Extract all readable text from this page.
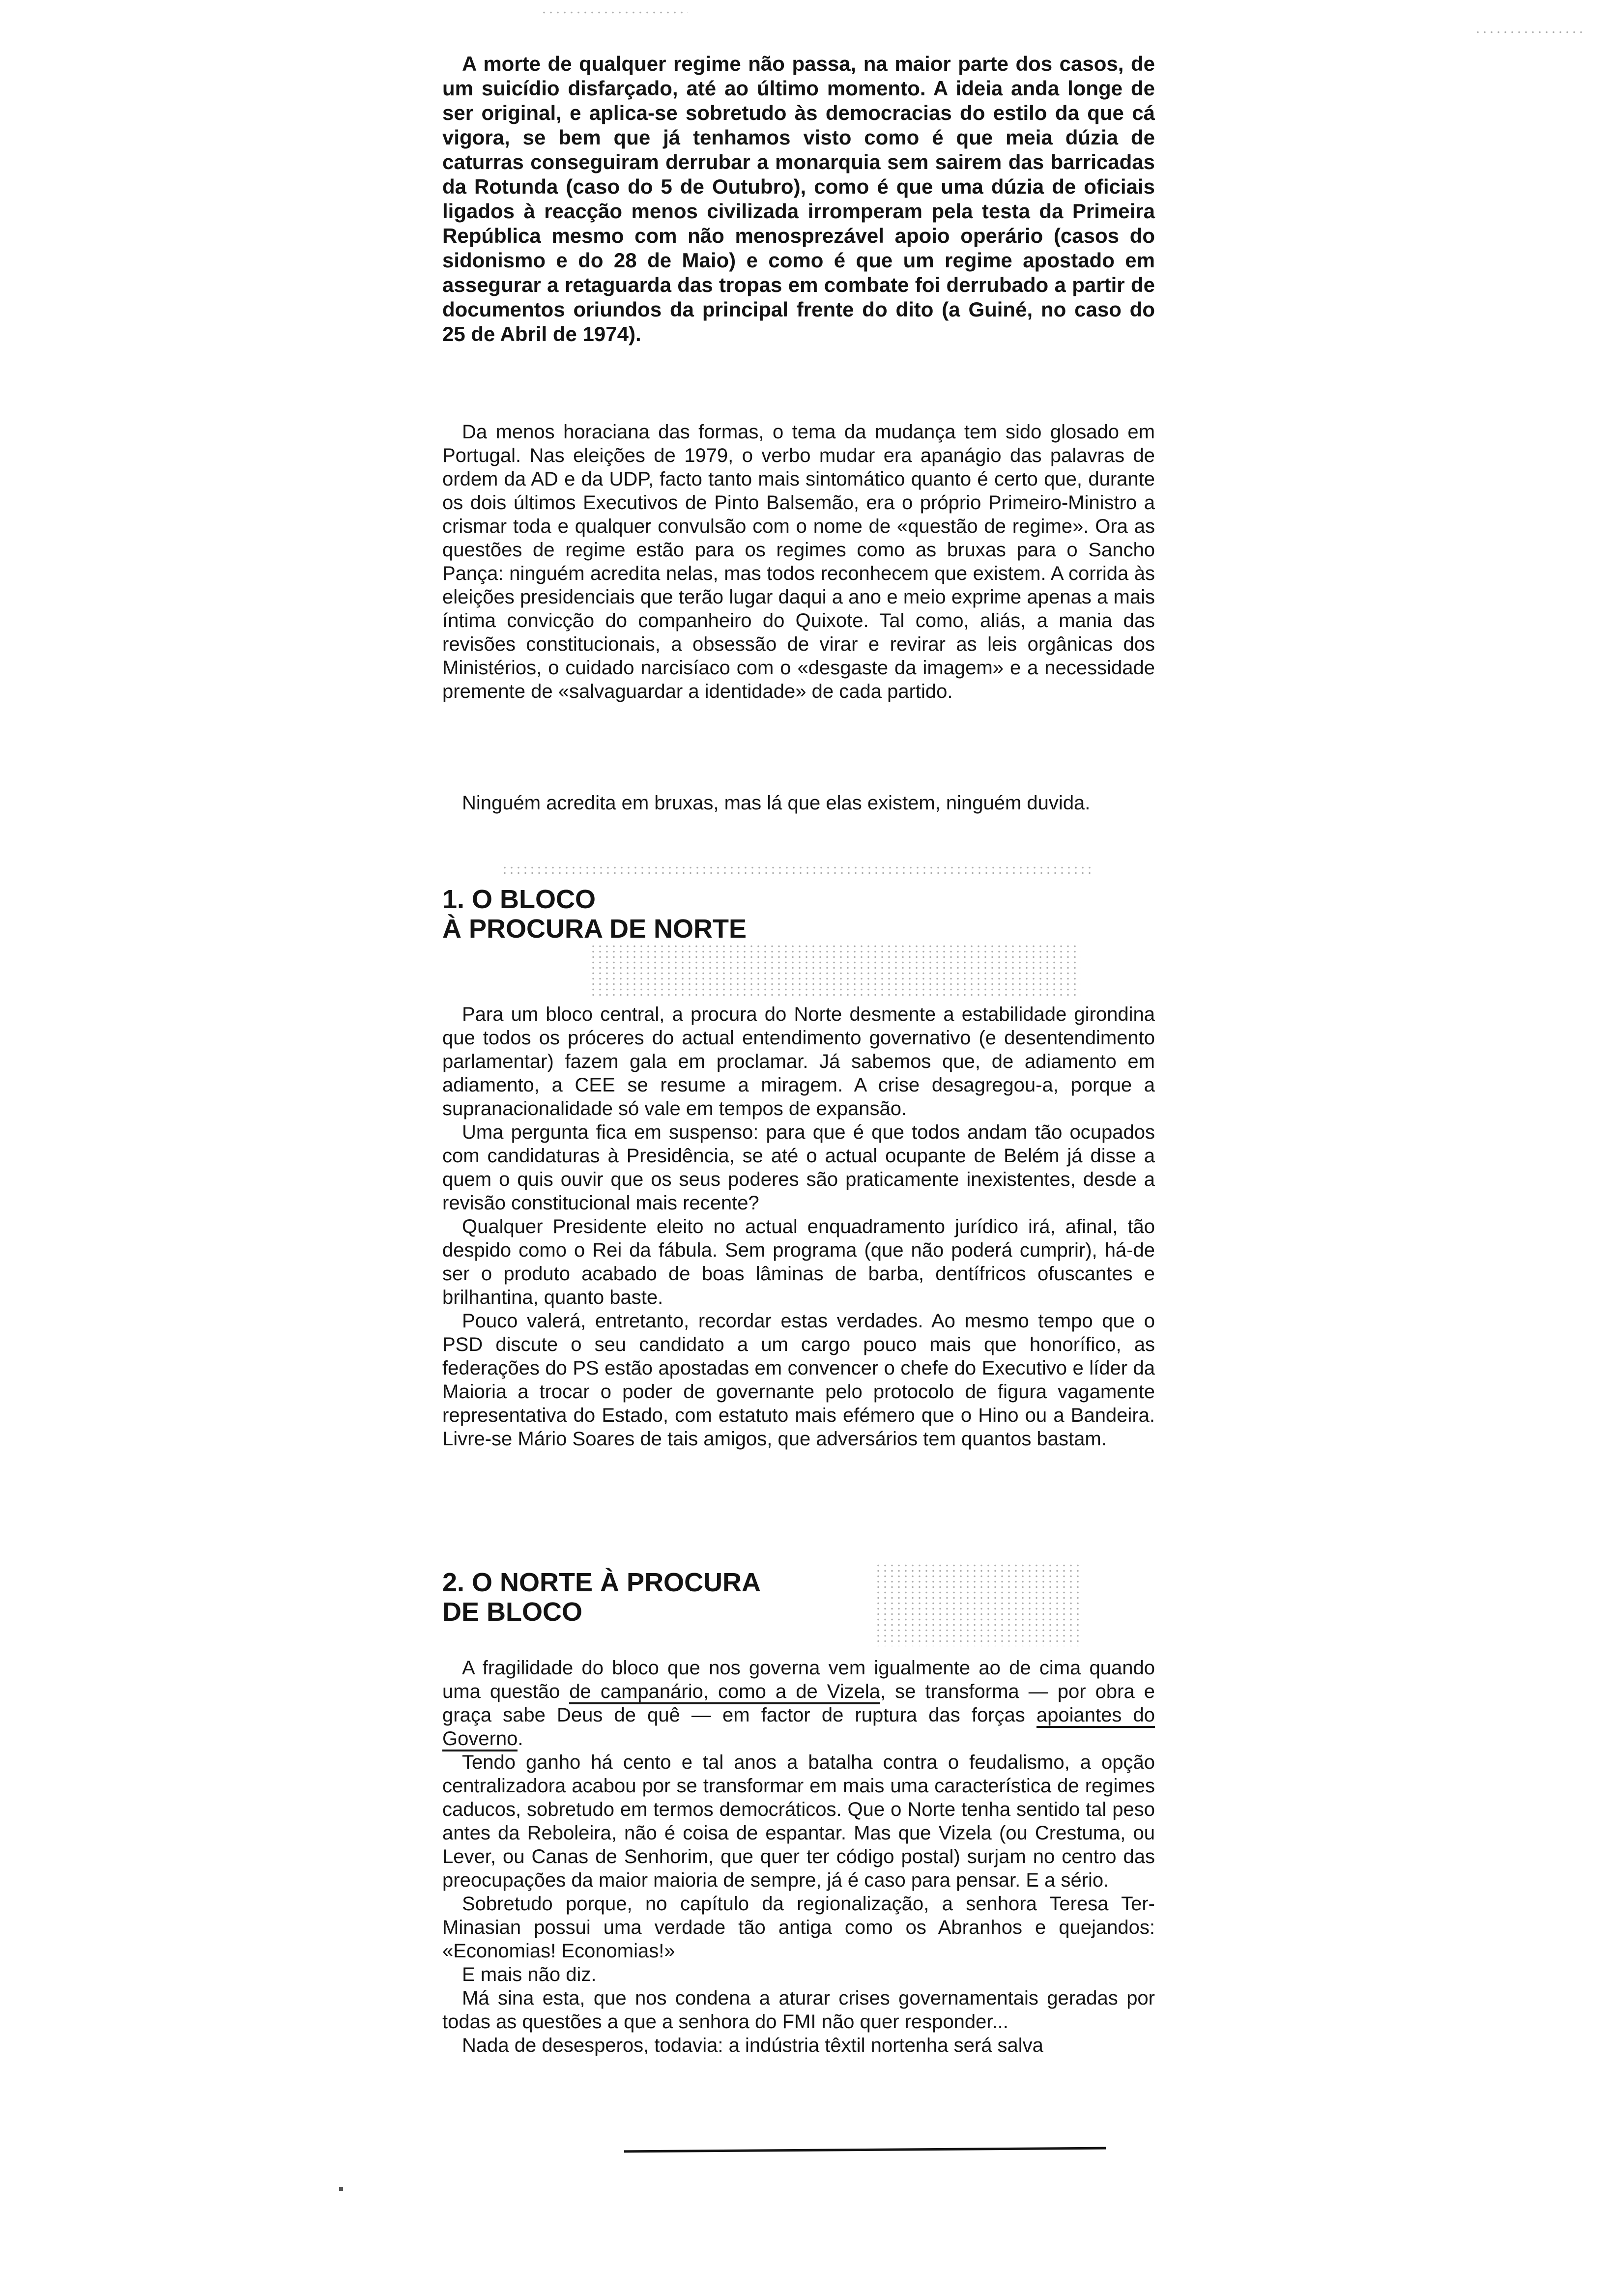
A morte de qualquer regime não passa, na maior parte dos casos, de um suicídio disfarçado, até ao último momento. A ideia anda longe de ser original, e aplica-se sobretudo às democracias do estilo da que cá vigora, se bem que já tenhamos visto como é que meia dúzia de caturras conseguiram derrubar a monarquia sem sairem das barricadas da Rotunda (caso do 5 de Outubro), como é que uma dúzia de oficiais ligados à reacção menos civilizada irromperam pela testa da Primeira República mesmo com não menosprezável apoio operário (casos do sidonismo e do 28 de Maio) e como é que um regime apostado em assegurar a retaguarda das tropas em combate foi derrubado a partir de documentos oriundos da principal frente do dito (a Guiné, no caso do 25 de Abril de 1974).

Da menos horaciana das formas, o tema da mudança tem sido glosado em Portugal. Nas eleições de 1979, o verbo mudar era apanágio das palavras de ordem da AD e da UDP, facto tanto mais sintomático quanto é certo que, durante os dois últimos Executivos de Pinto Balsemão, era o próprio Primeiro-Ministro a crismar toda e qualquer convulsão com o nome de «questão de regime». Ora as questões de regime estão para os regimes como as bruxas para o Sancho Pança: ninguém acredita nelas, mas todos reconhecem que existem. A corrida às eleições presidenciais que terão lugar daqui a ano e meio exprime apenas a mais íntima convicção do companheiro do Quixote. Tal como, aliás, a mania das revisões constitucionais, a obsessão de virar e revirar as leis orgânicas dos Ministérios, o cuidado narcisíaco com o «desgaste da imagem» e a necessidade premente de «salvaguardar a identidade» de cada partido.

Ninguém acredita em bruxas, mas lá que elas existem, ninguém duvida.

1. O BLOCO
À PROCURA DE NORTE

Para um bloco central, a procura do Norte desmente a estabilidade girondina que todos os próceres do actual entendimento governativo (e desentendimento parlamentar) fazem gala em proclamar. Já sabemos que, de adiamento em adiamento, a CEE se resume a miragem. A crise desagregou-a, porque a supranacionalidade só vale em tempos de expansão.

Uma pergunta fica em suspenso: para que é que todos andam tão ocupados com candidaturas à Presidência, se até o actual ocupante de Belém já disse a quem o quis ouvir que os seus poderes são praticamente inexistentes, desde a revisão constitucional mais recente?

Qualquer Presidente eleito no actual enquadramento jurídico irá, afinal, tão despido como o Rei da fábula. Sem programa (que não poderá cumprir), há-de ser o produto acabado de boas lâminas de barba, dentífricos ofuscantes e brilhantina, quanto baste.

Pouco valerá, entretanto, recordar estas verdades. Ao mesmo tempo que o PSD discute o seu candidato a um cargo pouco mais que honorífico, as federações do PS estão apostadas em convencer o chefe do Executivo e líder da Maioria a trocar o poder de governante pelo protocolo de figura vagamente representativa do Estado, com estatuto mais efémero que o Hino ou a Bandeira. Livre-se Mário Soares de tais amigos, que adversários tem quantos bastam.

2. O NORTE À PROCURA
DE BLOCO

A fragilidade do bloco que nos governa vem igualmente ao de cima quando uma questão de campanário, como a de Vizela, se transforma — por obra e graça sabe Deus de quê — em factor de ruptura das forças apoiantes do Governo.

Tendo ganho há cento e tal anos a batalha contra o feudalismo, a opção centralizadora acabou por se transformar em mais uma característica de regimes caducos, sobretudo em termos democráticos. Que o Norte tenha sentido tal peso antes da Reboleira, não é coisa de espantar. Mas que Vizela (ou Crestuma, ou Lever, ou Canas de Senhorim, que quer ter código postal) surjam no centro das preocupações da maior maioria de sempre, já é caso para pensar. E a sério.

Sobretudo porque, no capítulo da regionalização, a senhora Teresa Ter-Minasian possui uma verdade tão antiga como os Abranhos e quejandos: «Economias! Economias!»

E mais não diz.

Má sina esta, que nos condena a aturar crises governamentais geradas por todas as questões a que a senhora do FMI não quer responder...

Nada de desesperos, todavia: a indústria têxtil nortenha será salva
